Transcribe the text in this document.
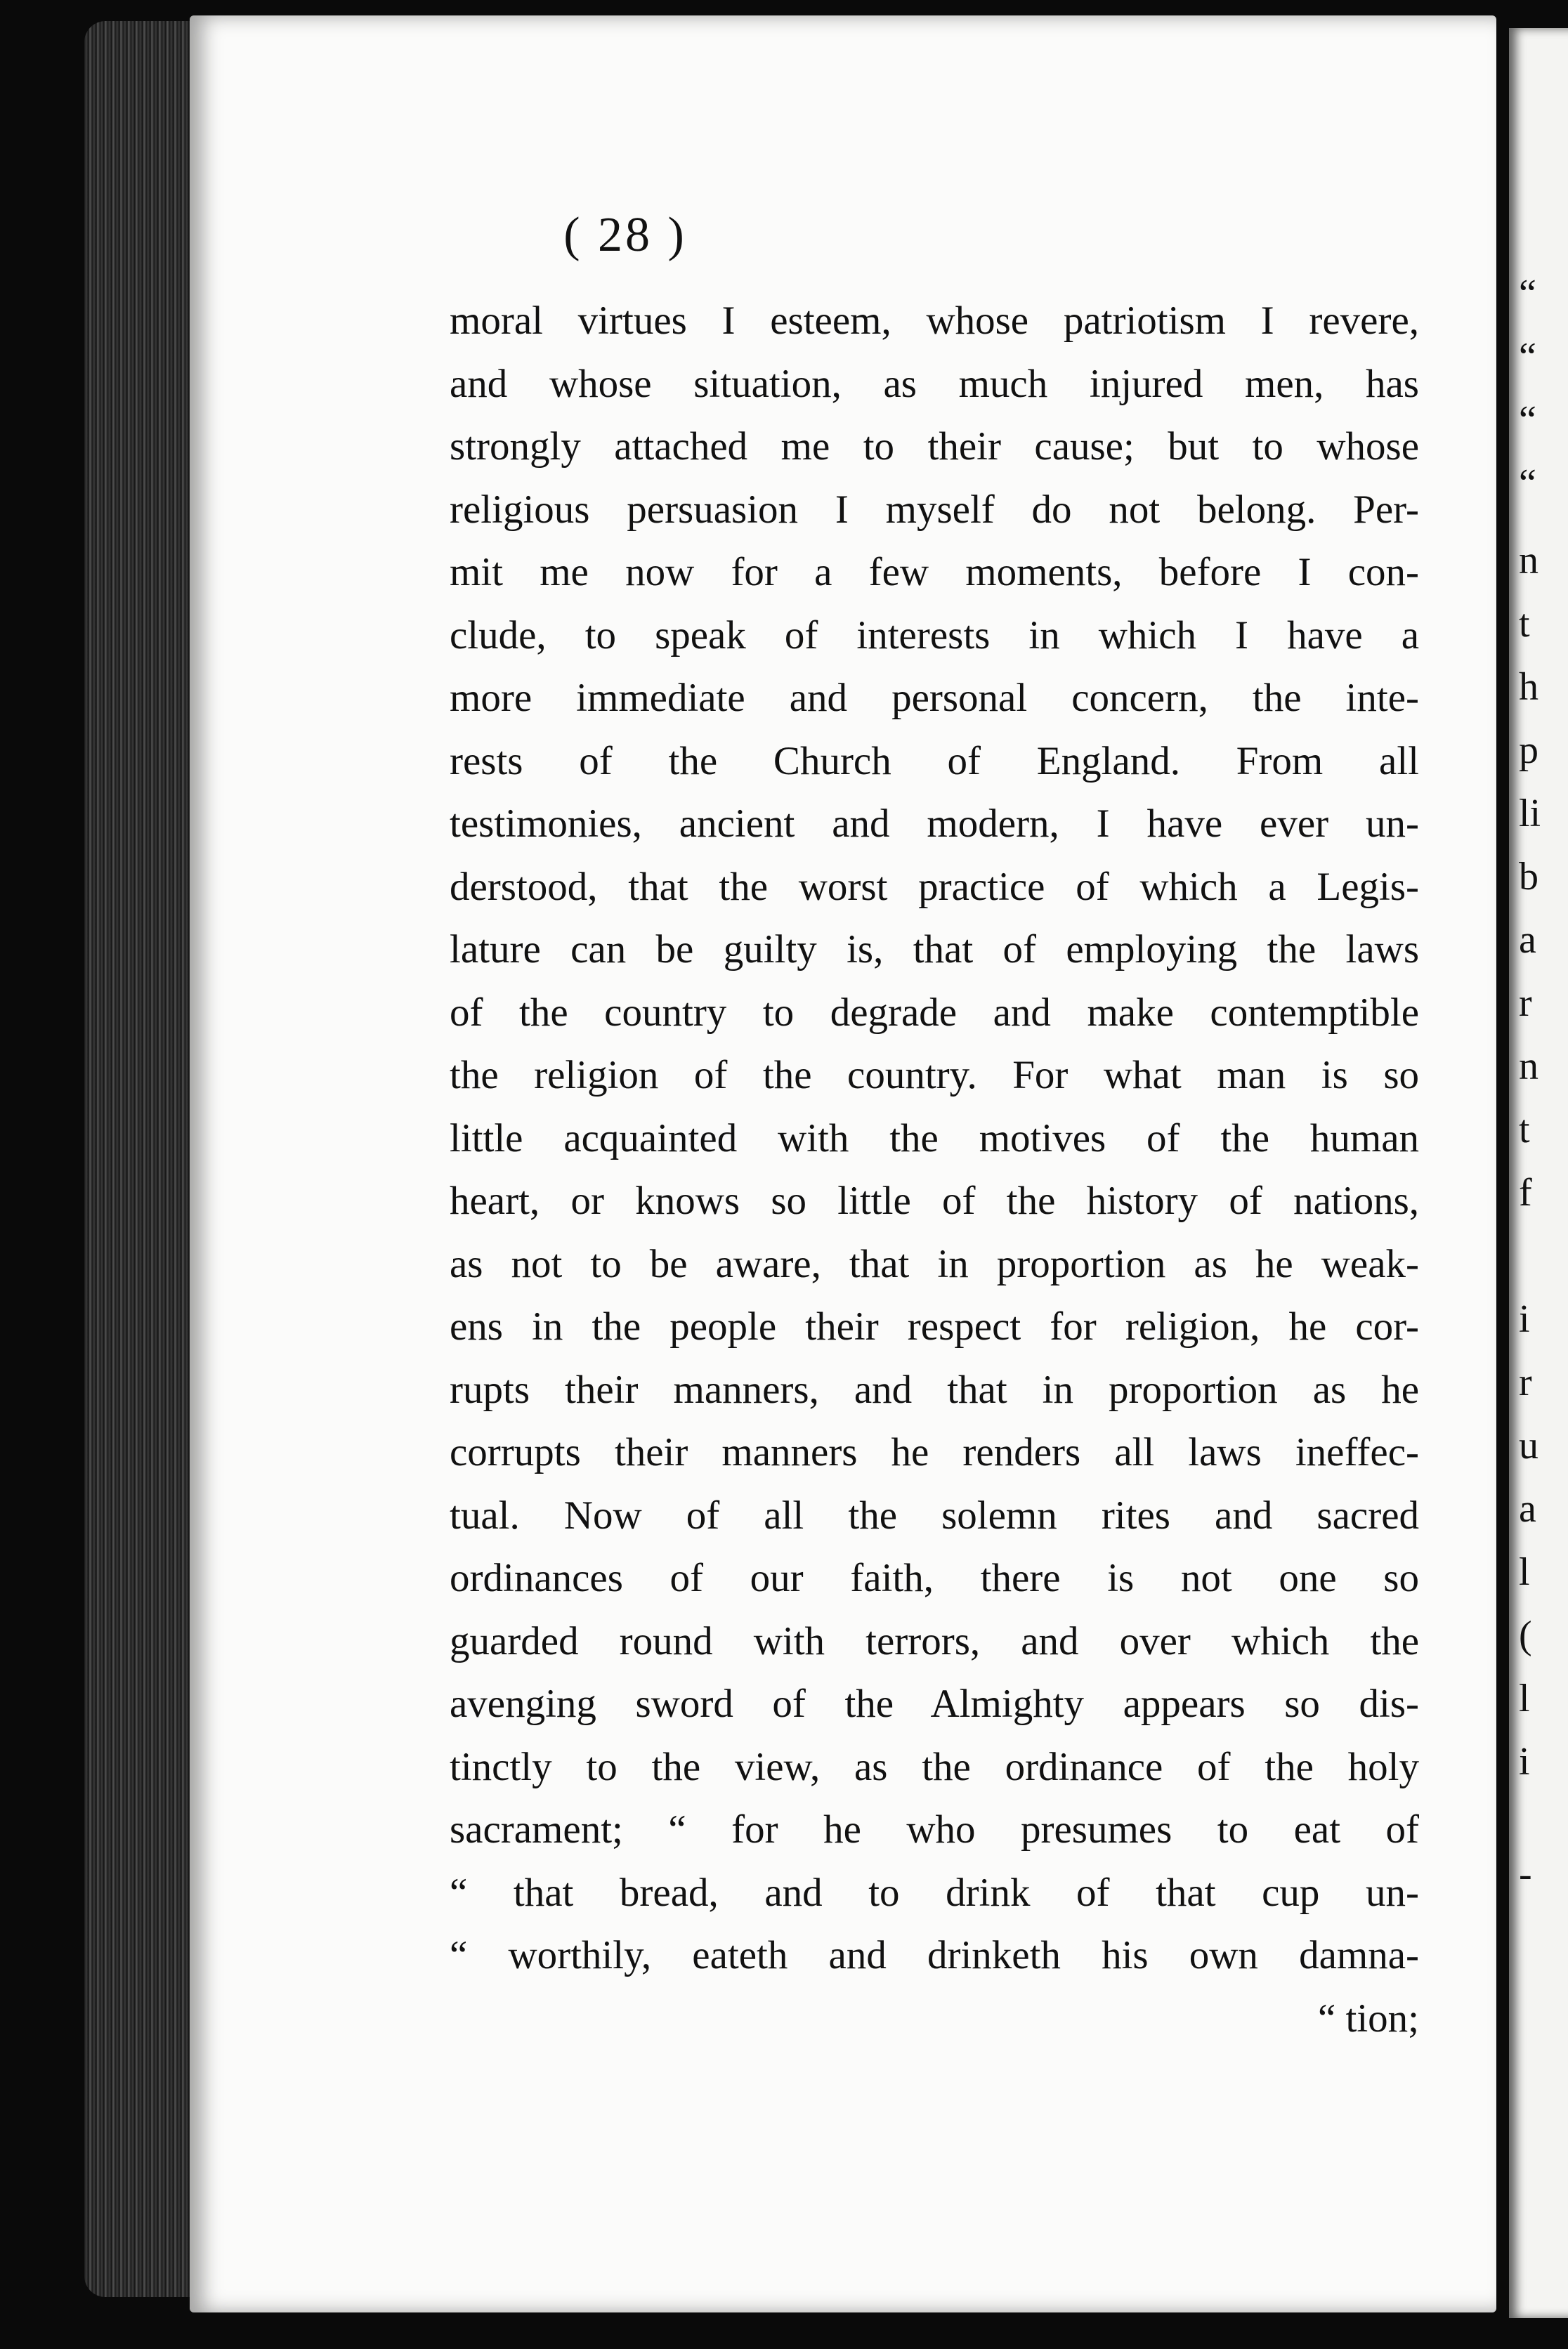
“
“
“
“
n
t
h
p
li
b
a
r
n
t
f
i
r
u
a
l
(
l
i
-
( 28 )
moral virtues I esteem, whose patriotism I revere,
and whose situation, as much injured men, has
strongly attached me to their cause; but to whose
religious persuasion I myself do not belong. Per-
mit me now for a few moments, before I con-
clude, to speak of interests in which I have a
more immediate and personal concern, the inte-
rests of the Church of England. From all
testimonies, ancient and modern, I have ever un-
derstood, that the worst practice of which a Legis-
lature can be guilty is, that of employing the laws
of the country to degrade and make contemptible
the religion of the country. For what man is so
little acquainted with the motives of the human
heart, or knows so little of the history of nations,
as not to be aware, that in proportion as he weak-
ens in the people their respect for religion, he cor-
rupts their manners, and that in proportion as he
corrupts their manners he renders all laws ineffec-
tual. Now of all the solemn rites and sacred
ordinances of our faith, there is not one so
guarded round with terrors, and over which the
avenging sword of the Almighty appears so dis-
tinctly to the view, as the ordinance of the holy
sacrament; “ for he who presumes to eat of
“ that bread, and to drink of that cup un-
“ worthily, eateth and drinketh his own damna-
“ tion;
